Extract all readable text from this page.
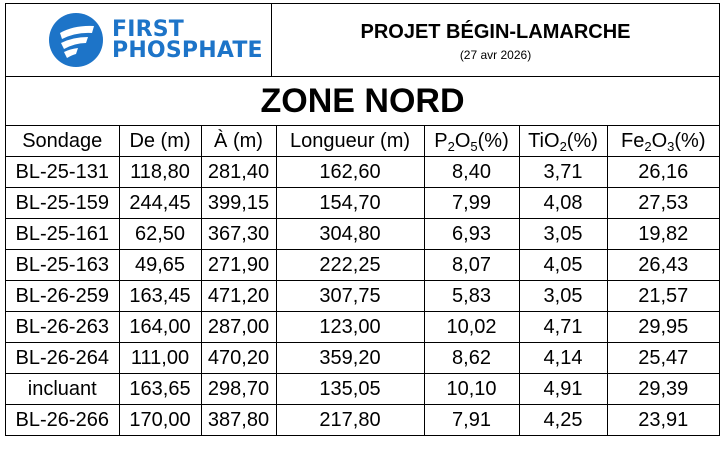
FIRST
PHOSPHATE
PROJET BÉGIN-LAMARCHE
(27 avr 2026)
ZONE NORD
Sondage	De (m)	À (m)	Longueur (m)	$P_2O_5(\%)$	TiO$_2$(%)	$Fe_2O_3(\%)$
BL-25-131	118,80	281,40	162,60	8,40	3,71	26,16
BL-25-159	244,45	399,15	154,70	7,99	4,08	27,53
BL-25-161	62,50	367,30	304,80	6,93	3,05	19,82
BL-25-163	49,65	271,90	222,25	8,07	4,05	26,43
BL-26-259	163,45	471,20	307,75	5,83	3,05	21,57
BL-26-263	164,00	287,00	123,00	10,02	4,71	29,95
BL-26-264	111,00	470,20	359,20	8,62	4,14	25,47
incluant	163,65	298,70	135,05	10,10	4,91	29,39
BL-26-266	170,00	387,80	217,80	7,91	4,25	23,91
